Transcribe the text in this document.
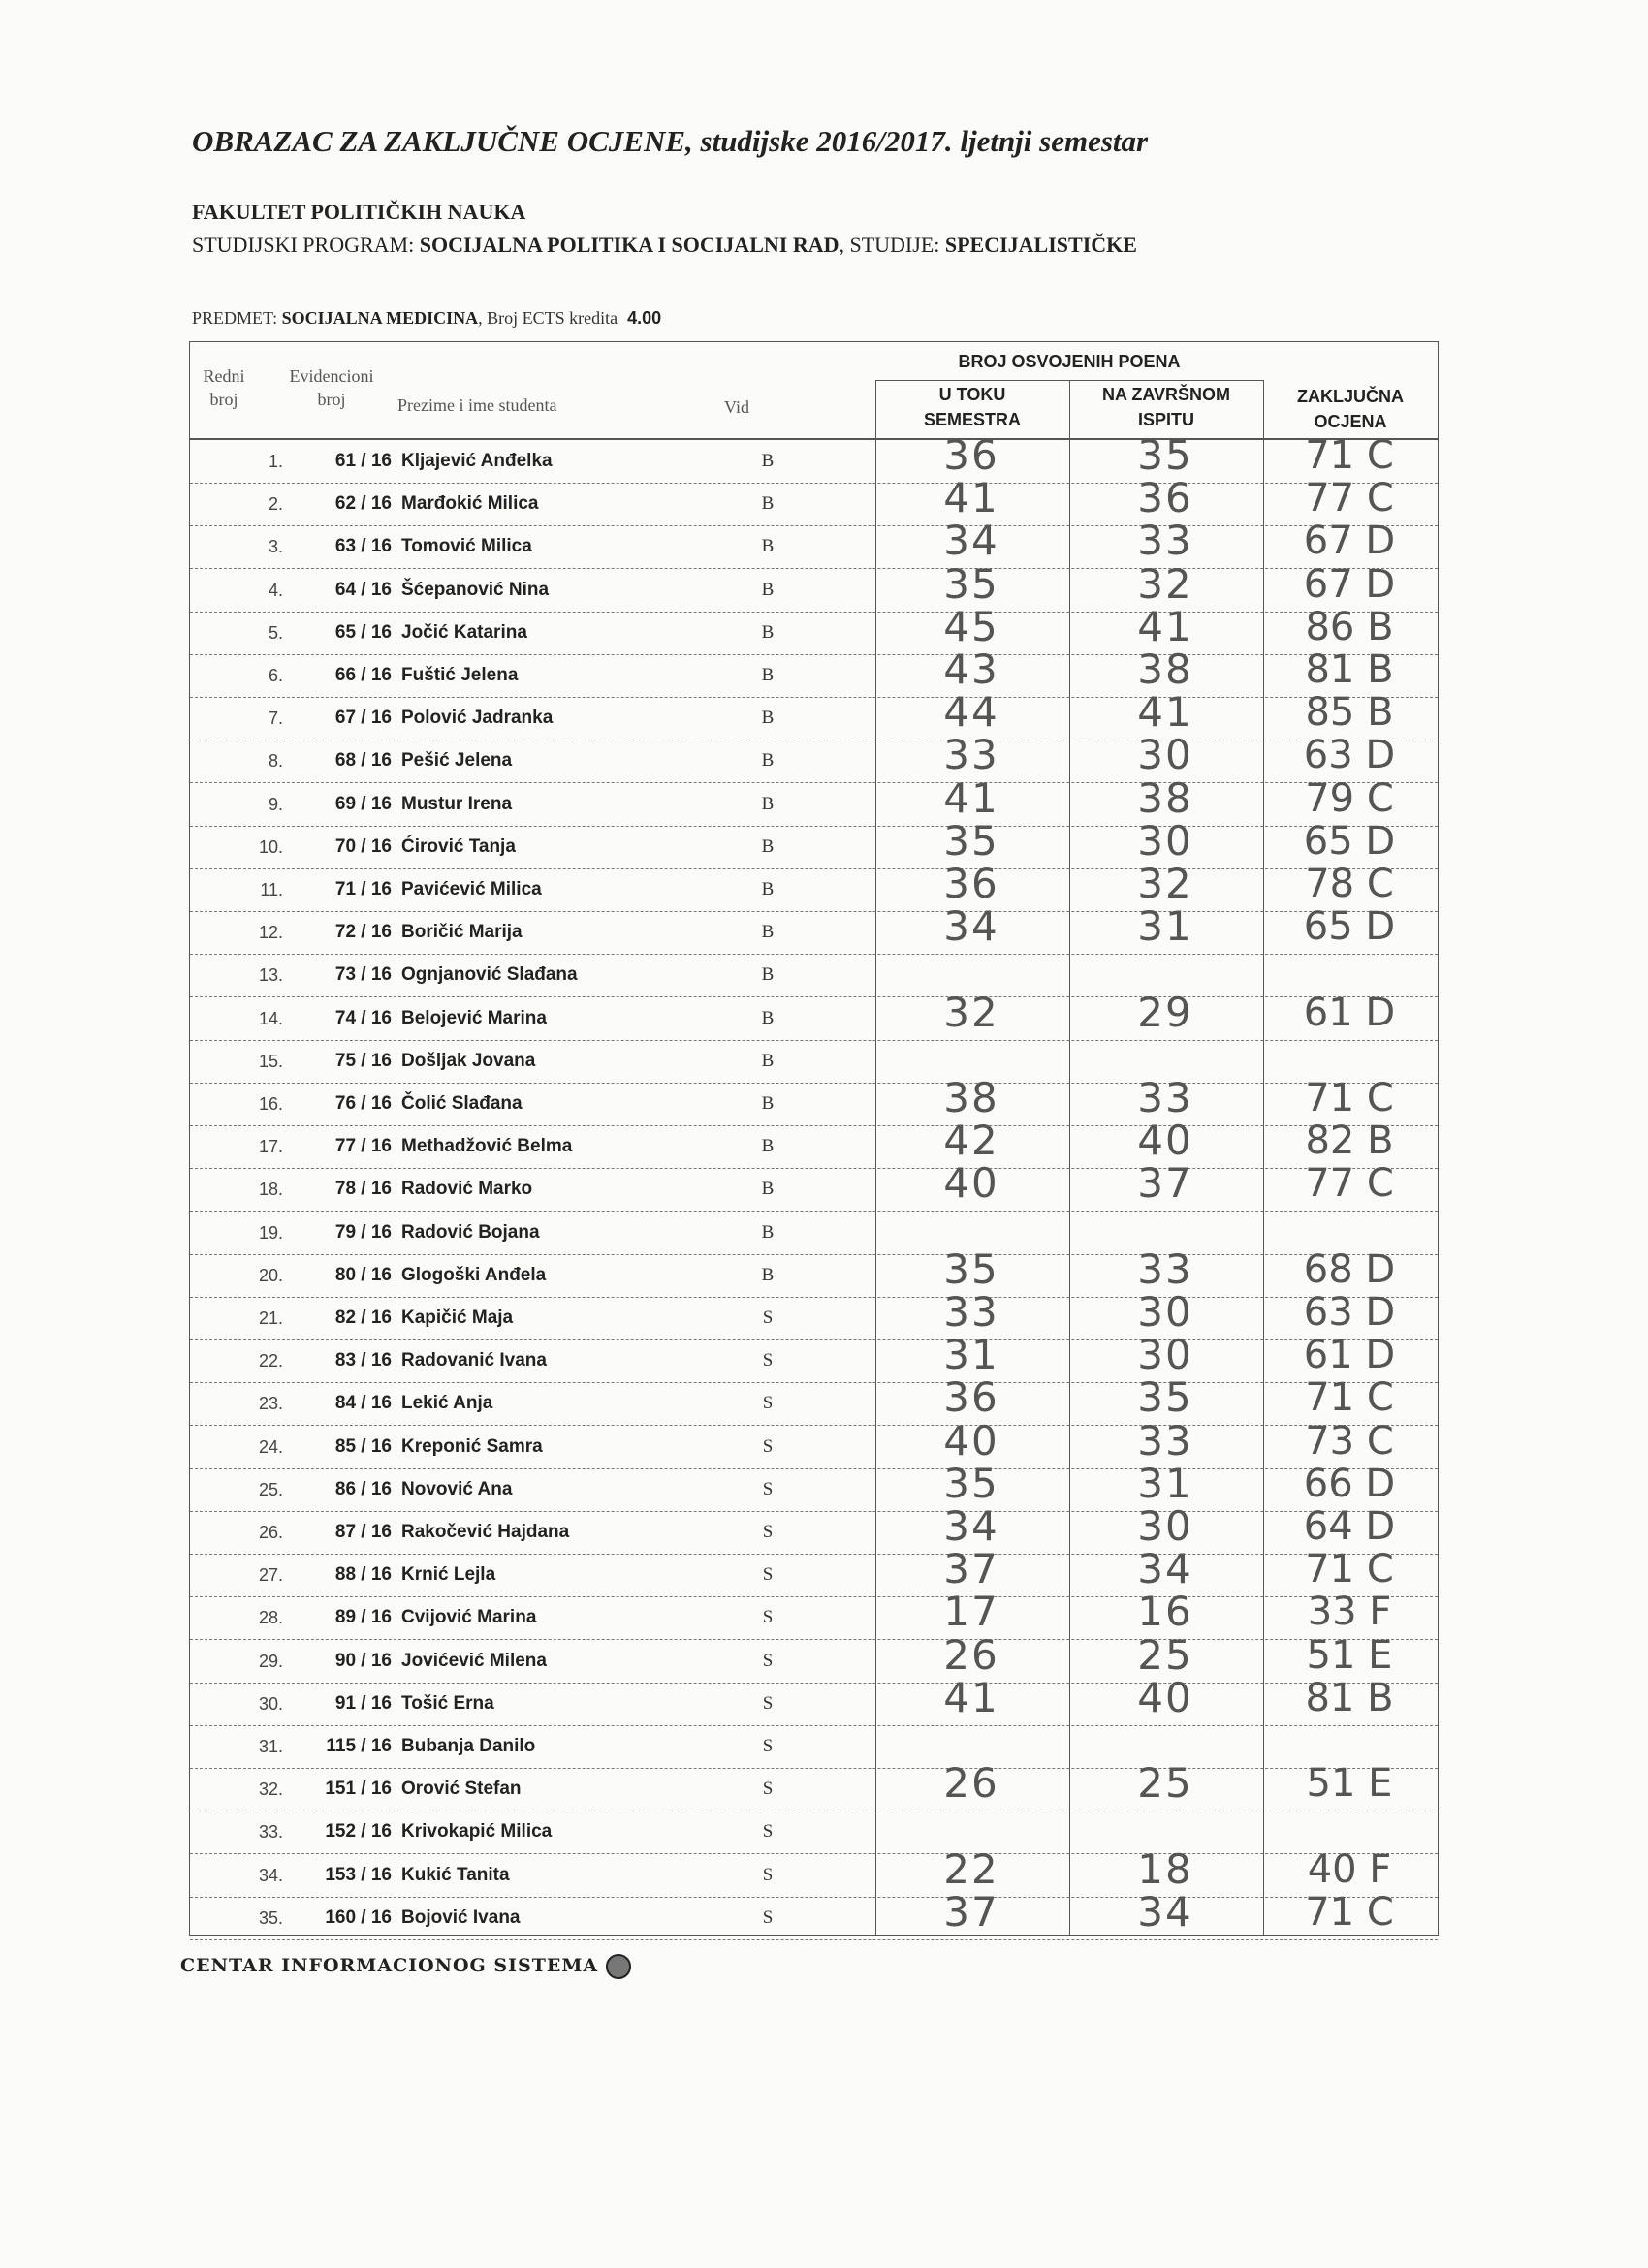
OBRAZAC ZA ZAKLJUČNE OCJENE, studijske 2016/2017. ljetnji semestar
FAKULTET POLITIČKIH NAUKA
STUDIJSKI PROGRAM: SOCIJALNA POLITIKA I SOCIJALNI RAD, STUDIJE: SPECIJALISTIČKE
PREDMET: SOCIJALNA MEDICINA, Broj ECTS kredita 4.00
Redni
broj
Evidencioni
broj	Prezime i ime studenta	Vid
BROJ OSVOJENIH POENA
U TOKU
SEMESTRA
NA ZAVRŠNOM
ISPITU
ZAKLJUČNA
OCJENA
1.	61 / 16 Kljajević Anđelka	B	36	35	71 C
2.	62 / 16 Marđokić Milica	B	41	36	77 C
3.	63 / 16 Tomović Milica	B	34	33	67 D
4.	64 / 16 Šćepanović Nina	B	35	32	67 D
5.	65 / 16 Jočić Katarina	B	45	41	86 B
6.	66 / 16 Fuštić Jelena	B	43	38	81 B
7.	67 / 16 Polović Jadranka	B	44	41	85 B
8.	68 / 16 Pešić Jelena	B	33	30	63 D
9.	69 / 16 Mustur Irena	B	41	38	79 C
10.	70 / 16 Ćirović Tanja	B	35	30	65 D
11.	71 / 16 Pavićević Milica	B	36	32	78 C
12.	72 / 16 Boričić Marija	B	34	31	65 D
13.	73 / 16 Ognjanović Slađana	B
14.	74 / 16 Belojević Marina	B	32	29	61 D
15.	75 / 16 Došljak Jovana	B
16.	76 / 16 Čolić Slađana	B	38	33	71 C
17.	77 / 16 Methadžović Belma	B	42	40	82 B
18.	78 / 16 Radović Marko	B	40	37	77 C
19.	79 / 16 Radović Bojana	B
20.	80 / 16 Glogoški Anđela	B	35	33	68 D
21.	82 / 16 Kapičić Maja	S	33	30	63 D
22.	83 / 16 Radovanić Ivana	S	31	30	61 D
23.	84 / 16 Lekić Anja	S	36	35	71 C
24.	85 / 16 Kreponić Samra	S	40	33	73 C
25.	86 / 16 Novović Ana	S	35	31	66 D
26.	87 / 16 Rakočević Hajdana	S	34	30	64 D
27.	88 / 16 Krnić Lejla	S	37	34	71 C
28.	89 / 16 Cvijović Marina	S	17	16	33 F
29.	90 / 16 Jovićević Milena	S	26	25	51 E
30.	91 / 16 Tošić Erna	S	41	40	81 B
31.	115 / 16 Bubanja Danilo	S
32.	151 / 16 Orović Stefan	S	26	25	51 E
33.	152 / 16 Krivokapić Milica	S
34.	153 / 16 Kukić Tanita	S	22	18	40 F
35.	160 / 16 Bojović Ivana	S	37	34	71 C
CENTAR INFORMACIONOG SISTEMA
